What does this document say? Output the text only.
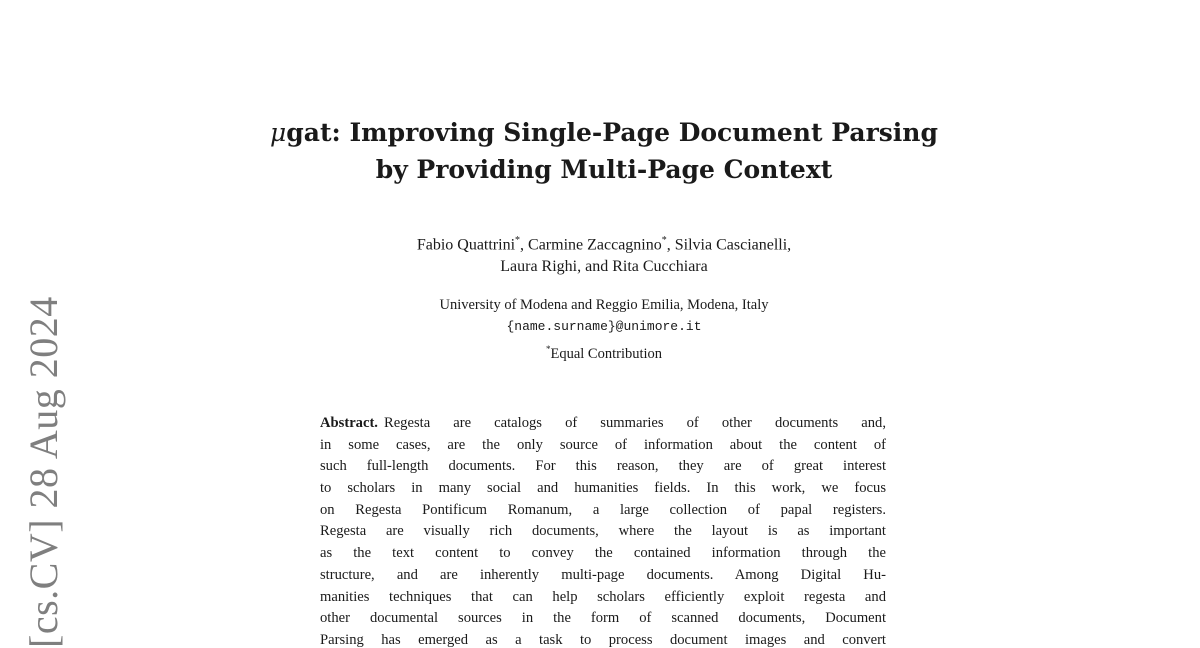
[cs.CV] 28 Aug 2024
μgat: Improving Single-Page Document Parsing
by Providing Multi-Page Context
Fabio Quattrini*, Carmine Zaccagnino*, Silvia Cascianelli,
Laura Righi, and Rita Cucchiara
University of Modena and Reggio Emilia, Modena, Italy
{name.surname}@unimore.it
*Equal Contribution
Abstract. Regesta are catalogs of summaries of other documents and,
in some cases, are the only source of information about the content of
such full-length documents. For this reason, they are of great interest
to scholars in many social and humanities fields. In this work, we focus
on Regesta Pontificum Romanum, a large collection of papal registers.
Regesta are visually rich documents, where the layout is as important
as the text content to convey the contained information through the
structure, and are inherently multi-page documents. Among Digital Hu-
manities techniques that can help scholars efficiently exploit regesta and
other documental sources in the form of scanned documents, Document
Parsing has emerged as a task to process document images and convert
